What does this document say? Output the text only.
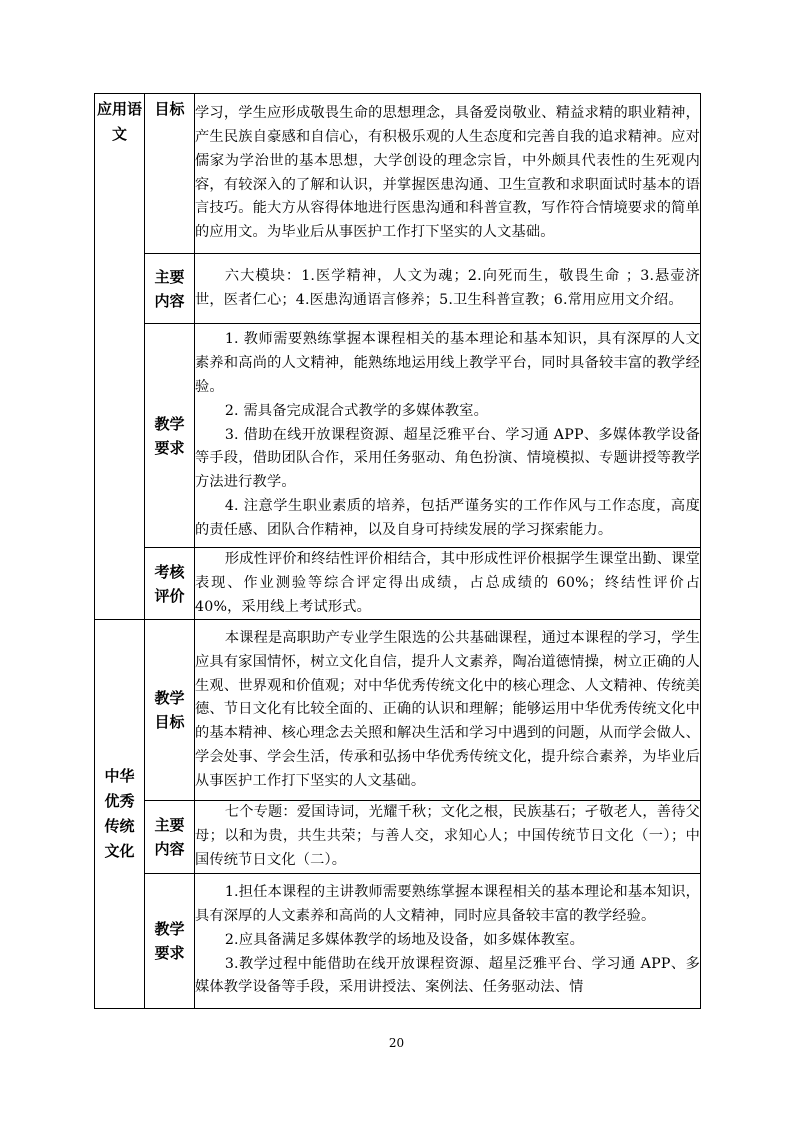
应用语文	目标	学习，学生应形成敬畏生命的思想理念，具备爱岗敬业、精益求精的职业精神，产生民族自豪感和自信心，有积极乐观的人生态度和完善自我的追求精神。应对儒家为学治世的基本思想，大学创设的理念宗旨，中外颇具代表性的生死观内容，有较深入的了解和认识，并掌握医患沟通、卫生宣教和求职面试时基本的语言技巧。能大方从容得体地进行医患沟通和科普宣教，写作符合情境要求的简单的应用文。为毕业后从事医护工作打下坚实的人文基础。

	主要内容	六大模块：1.医学精神，人文为魂；2.向死而生，敬畏生命 ；3.悬壶济世，医者仁心；4.医患沟通语言修养；5.卫生科普宣教；6.常用应用文介绍。

	教学要求	1. 教师需要熟练掌握本课程相关的基本理论和基本知识，具有深厚的人文素养和高尚的人文精神，能熟练地运用线上教学平台，同时具备较丰富的教学经验。

2. 需具备完成混合式教学的多媒体教室。

3. 借助在线开放课程资源、超星泛雅平台、学习通 APP、多媒体教学设备等手段，借助团队合作，采用任务驱动、角色扮演、情境模拟、专题讲授等教学方法进行教学。

4. 注意学生职业素质的培养，包括严谨务实的工作作风与工作态度，高度的责任感、团队合作精神，以及自身可持续发展的学习探索能力。

	考核评价	形成性评价和终结性评价相结合，其中形成性评价根据学生课堂出勤、课堂表现、作业测验等综合评定得出成绩，占总成绩的 60%；终结性评价占 40%，采用线上考试形式。

中华优秀传统文化	教学目标	本课程是高职助产专业学生限选的公共基础课程，通过本课程的学习，学生应具有家国情怀，树立文化自信，提升人文素养，陶冶道德情操，树立正确的人生观、世界观和价值观；对中华优秀传统文化中的核心理念、人文精神、传统美德、节日文化有比较全面的、正确的认识和理解；能够运用中华优秀传统文化中的基本精神、核心理念去关照和解决生活和学习中遇到的问题，从而学会做人、学会处事、学会生活，传承和弘扬中华优秀传统文化，提升综合素养，为毕业后从事医护工作打下坚实的人文基础。

	主要内容	七个专题：爱国诗词，光耀千秋；文化之根，民族基石；孑敬老人，善待父母；以和为贵，共生共荣；与善人交，求知心人；中国传统节日文化（一）；中国传统节日文化（二）。

	教学要求	1.担任本课程的主讲教师需要熟练掌握本课程相关的基本理论和基本知识，具有深厚的人文素养和高尚的人文精神，同时应具备较丰富的教学经验。

2.应具备满足多媒体教学的场地及设备，如多媒体教室。

3.教学过程中能借助在线开放课程资源、超星泛雅平台、学习通 APP、多媒体教学设备等手段，采用讲授法、案例法、任务驱动法、情

20
